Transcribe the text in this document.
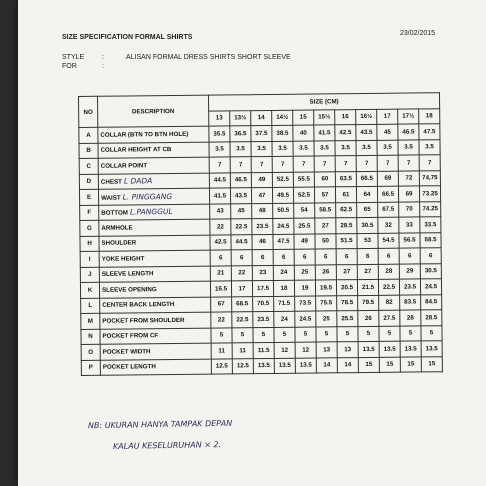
SIZE SPECIFICATION FORMAL SHIRTS
23/02/2015
STYLE	:	ALISAN FORMAL DRESS SHIRTS SHORT SLEEVE
FOR	:
NO	DESCRIPTION	SIZE (CM)										
		13	13½	14	14½	15	15½	16	16½	17	17½	18
A	COLLAR (BTN TO BTN HOLE)	35.5	36.5	37.5	38.5	40	41.5	42.5	43.5	45	46.5	47.5
B	COLLAR HEIGHT AT CB	3.5	3.5	3.5	3.5	3.5	3.5	3.5	3.5	3.5	3.5	3.5
C	COLLAR POINT	7	7	7	7	7	7	7	7	7	7	7
D	CHEST L DADA	44.5	46.5	49	52.5	55.5	60	63.5	66.5	69	72	74,75
E	WAIST L. PINGGANG	41.5	43.5	47	49.5	52.5	57	61	64	66.5	69	73.25
F	BOTTOM L.PANGGUL	43	45	48	50.5	54	58.5	62.5	65	67.5	70	74.25
G	ARMHOLE	22	22.5	23.5	24.5	25.5	27	28.5	30.5	32	33	33.5
H	SHOULDER	42.5	44.5	46	47.5	49	50	51.5	53	54.5	56.5	58.5
I	YOKE HEIGHT	6	6	6	6	6	6	6	6	6	6	6
J	SLEEVE LENGTH	21	22	23	24	25	26	27	27	28	29	30.5
K	SLEEVE OPENING	16.5	17	17.5	18	19	19.5	20.5	21.5	22.5	23.5	24.5
L	CENTER BACK LENGTH	67	68.5	70.5	71.5	73.5	75.5	78.5	79.5	82	83.5	84.5
M	POCKET FROM SHOULDER	22	22.5	23.5	24	24.5	25	25.5	26	27.5	28	28.5
N	POCKET FROM CF	5	5	5	5	5	5	5	5	5	5	5
O	POCKET WIDTH	11	11	11.5	12	12	13	13	13.5	13.5	13.5	13.5
P	POCKET LENGTH	12.5	12.5	13.5	13.5	13.5	14	14	15	15	15	15
NB: UKURAN HANYA TAMPAK DEPAN
KALAU KESELURUHAN × 2.
